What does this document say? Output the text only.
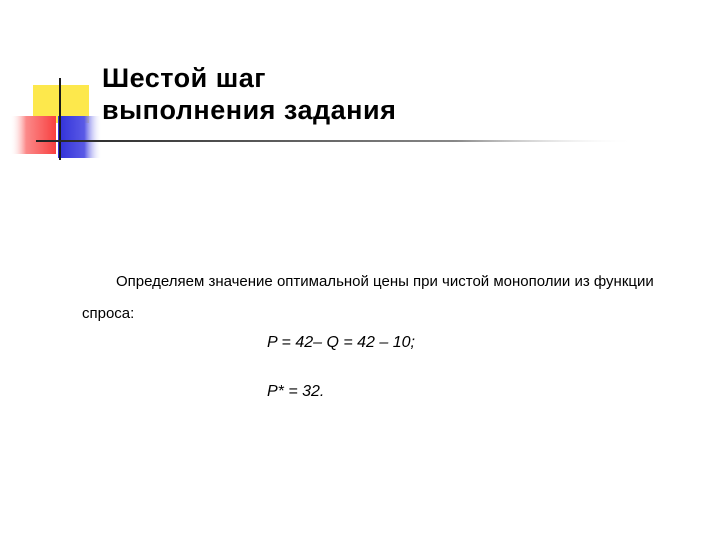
Шестой шаг
выполнения задания
Определяем значение оптимальной цены при чистой монополии из функции спроса:
P = 42– Q = 42 – 10;
P* = 32.
